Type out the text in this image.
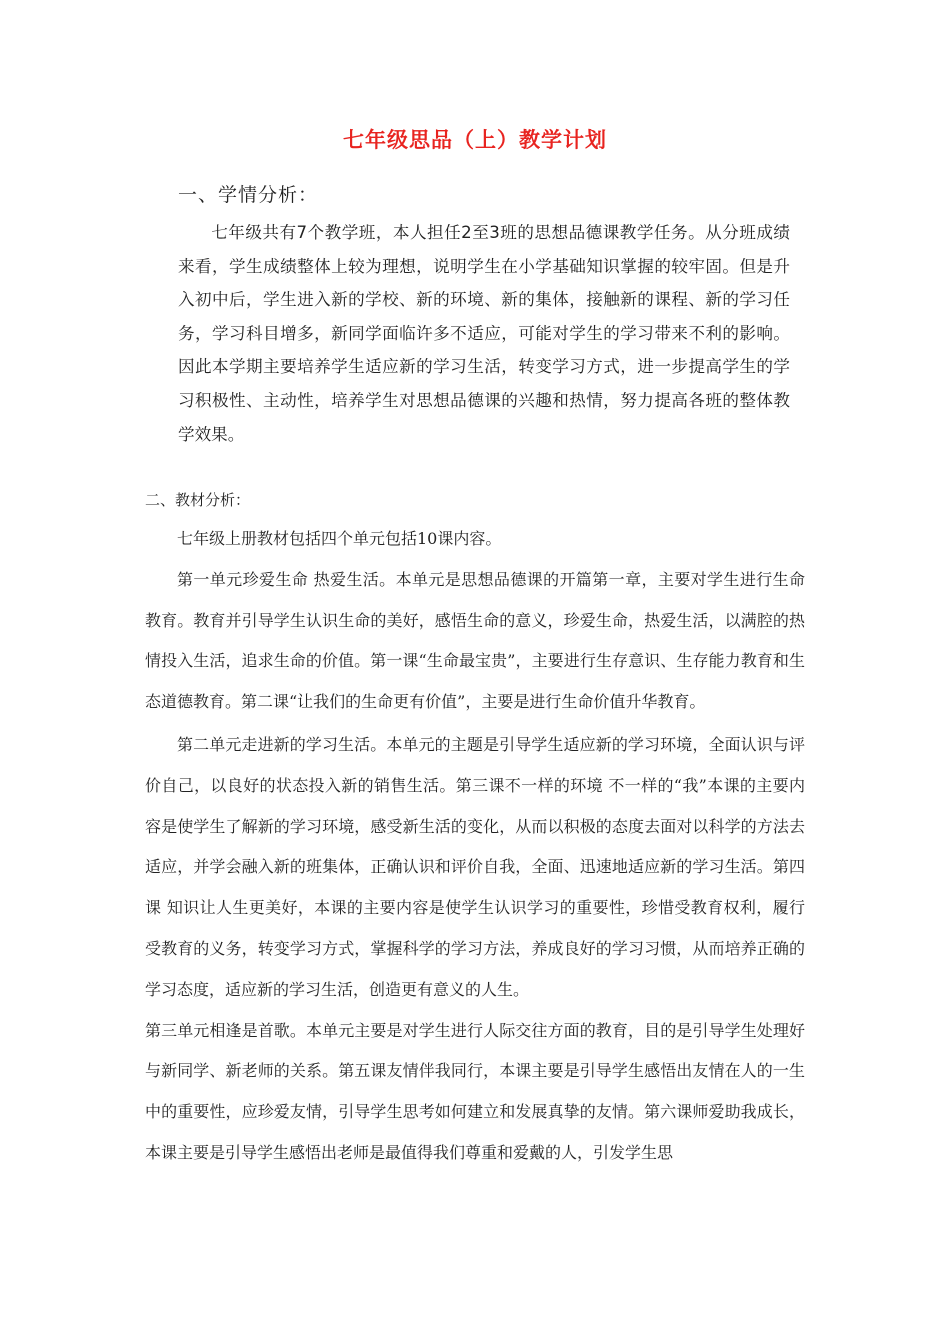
七年级思品（上）教学计划
一、学情分析：
七年级共有7个教学班，本人担任2至3班的思想品德课教学任务。从分班成绩来看，学生成绩整体上较为理想，说明学生在小学基础知识掌握的较牢固。但是升入初中后，学生进入新的学校、新的环境、新的集体，接触新的课程、新的学习任务，学习科目增多，新同学面临许多不适应，可能对学生的学习带来不利的影响。因此本学期主要培养学生适应新的学习生活，转变学习方式，进一步提高学生的学习积极性、主动性，培养学生对思想品德课的兴趣和热情，努力提高各班的整体教学效果。
二、教材分析：

七年级上册教材包括四个单元包括10课内容。

第一单元珍爱生命 热爱生活。本单元是思想品德课的开篇第一章，主要对学生进行生命教育。教育并引导学生认识生命的美好，感悟生命的意义，珍爱生命，热爱生活，以满腔的热情投入生活，追求生命的价值。第一课“生命最宝贵”，主要进行生存意识、生存能力教育和生态道德教育。第二课“让我们的生命更有价值”，主要是进行生命价值升华教育。

第二单元走进新的学习生活。本单元的主题是引导学生适应新的学习环境，全面认识与评价自己，以良好的状态投入新的销售生活。第三课不一样的环境 不一样的“我”本课的主要内容是使学生了解新的学习环境，感受新生活的变化，从而以积极的态度去面对以科学的方法去适应，并学会融入新的班集体，正确认识和评价自我，全面、迅速地适应新的学习生活。第四课 知识让人生更美好，本课的主要内容是使学生认识学习的重要性，珍惜受教育权利，履行受教育的义务，转变学习方式，掌握科学的学习方法，养成良好的学习习惯，从而培养正确的学习态度，适应新的学习生活，创造更有意义的人生。

第三单元相逢是首歌。本单元主要是对学生进行人际交往方面的教育，目的是引导学生处理好与新同学、新老师的关系。第五课友情伴我同行，本课主要是引导学生感悟出友情在人的一生中的重要性，应珍爱友情，引导学生思考如何建立和发展真挚的友情。第六课师爱助我成长，本课主要是引导学生感悟出老师是最值得我们尊重和爱戴的人，引发学生思
